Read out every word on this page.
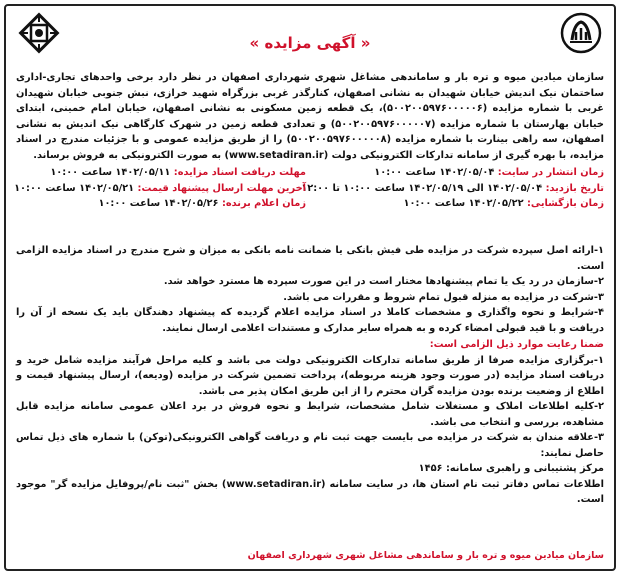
« آگهی مزایده »

سازمان میادین میوه و تره بار و ساماندهی مشاغل شهری شهرداری اصفهان در نظر دارد برخی واحدهای تجاری-اداری ساختمان نیک اندیش خیابان شهیدان به نشانی اصفهان، کنارگذر غربی بزرگراه شهید خرازی، نبش جنوبی خیابان شهیدان غربی با شماره مزایده (۵۰۰۲۰۰۵۹۷۶۰۰۰۰۰۶)، یک قطعه زمین مسکونی به نشانی اصفهان، خیابان امام خمینی، ابتدای خیابان بهارستان با شماره مزایده (۵۰۰۲۰۰۵۹۷۶۰۰۰۰۰۷) و تعدادی قطعه زمین در شهرک کارگاهی نیک اندیش به نشانی اصفهان، سه راهی بینارت با شماره مزایده (۵۰۰۲۰۰۵۹۷۶۰۰۰۰۰۸) را از طریق مزایده عمومی و با جزئیات مندرج در اسناد مزایده، با بهره گیری از سامانه تدارکات الکترونیکی دولت (www.setadiran.ir) به صورت الکترونیکی به فروش برساند.

زمان انتشار در سایت: ۱۴۰۲/۰۵/۰۴ ساعت ۱۰:۰۰
تاریخ بازدید: ۱۴۰۲/۰۵/۰۴ الی ۱۴۰۲/۰۵/۱۹ ساعت ۱۰:۰۰ تا ۱۲:۰۰
زمان بازگشایی: ۱۴۰۲/۰۵/۲۲ ساعت ۱۰:۰۰
مهلت دریافت اسناد مزایده: ۱۴۰۲/۰۵/۱۱ ساعت ۱۰:۰۰
آخرین مهلت ارسال پیشنهاد قیمت: ۱۴۰۲/۰۵/۲۱ ساعت ۱۰:۰۰
زمان اعلام برنده: ۱۴۰۲/۰۵/۲۶ ساعت ۱۰:۰۰

۱-ارائه اصل سپرده شرکت در مزایده طی فیش بانکی یا ضمانت نامه بانکی به میزان و شرح مندرج در اسناد مزایده الزامی است.

۲-سازمان در رد یک یا تمام پیشنهادها مختار است در این صورت سپرده ها مسترد خواهد شد.

۳-شرکت در مزایده به منزله قبول تمام شروط و مقررات می باشد.

۴-شرایط و نحوه واگذاری و مشخصات کاملا در اسناد مزایده اعلام گردیده که پیشنهاد دهندگان باید یک نسخه از آن را دریافت و با قید قبولی امضاء کرده و به همراه سایر مدارک و مستندات اعلامی ارسال نمایند.

ضمنا رعایت موارد ذیل الزامی است:

۱-برگزاری مزایده صرفا از طریق سامانه تدارکات الکترونیکی دولت می باشد و کلیه مراحل فرآیند مزایده شامل خرید و دریافت اسناد مزایده (در صورت وجود هزینه مربوطه)، پرداخت تضمین شرکت در مزایده (ودیعه)، ارسال پیشنهاد قیمت و اطلاع از وضعیت برنده بودن مزایده گران محترم را از این طریق امکان پذیر می باشد.

۲-کلیه اطلاعات املاک و مستغلات شامل مشخصات، شرایط و نحوه فروش در برد اعلان عمومی سامانه مزایده قابل مشاهده، بررسی و انتخاب می باشد.

۳-علاقه مندان به شرکت در مزایده می بایست جهت ثبت نام و دریافت گواهی الکترونیکی(توکن) با شماره های ذیل تماس حاصل نمایند:

مرکز پشتیبانی و راهبری سامانه: ۱۴۵۶

اطلاعات تماس دفاتر ثبت نام استان ها، در سایت سامانه (www.setadiran.ir) بخش "ثبت نام/پروفایل مزایده گر" موجود است.

سازمان میادین میوه و تره بار و ساماندهی مشاغل شهری شهرداری اصفهان
